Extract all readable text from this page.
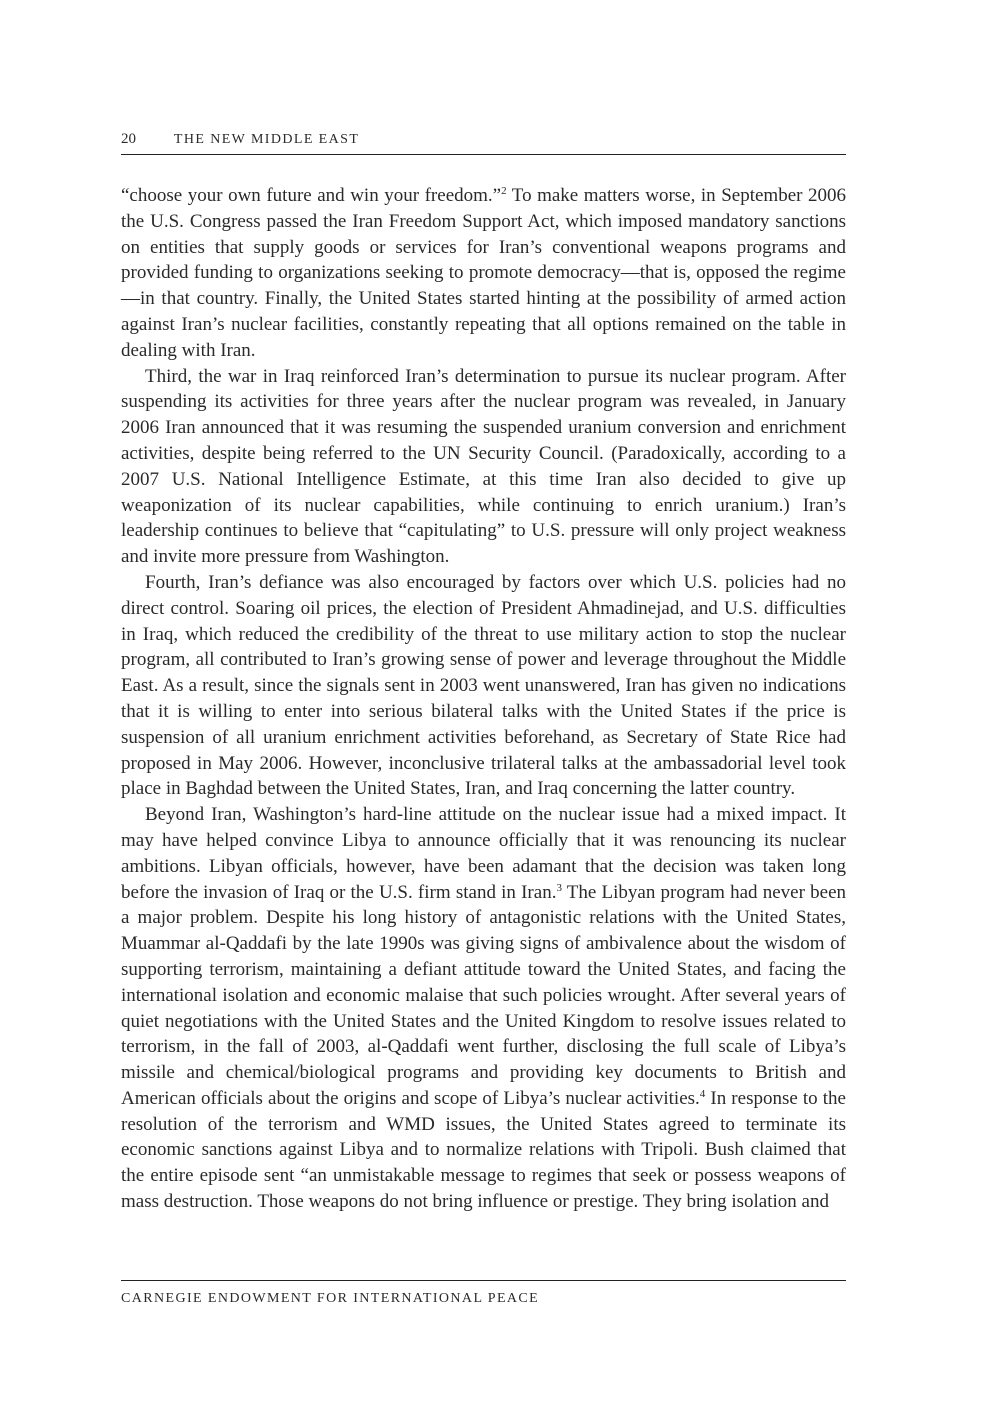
20	THE NEW MIDDLE EAST

“choose your own future and win your freedom.”$^2$ To make matters worse, in September 2006 the U.S. Congress passed the Iran Freedom Support Act, which imposed mandatory sanctions on entities that supply goods or services for Iran’s conventional weapons programs and provided funding to organizations seeking to promote democracy—that is, opposed the regime—in that country. Finally, the United States started hinting at the possibility of armed action against Iran’s nuclear facilities, constantly repeating that all options remained on the table in dealing with Iran.

Third, the war in Iraq reinforced Iran’s determination to pursue its nuclear program. After suspending its activities for three years after the nuclear program was revealed, in January 2006 Iran announced that it was resuming the suspended uranium conversion and enrichment activities, despite being referred to the UN Security Council. (Paradoxically, according to a 2007 U.S. National Intelligence Estimate, at this time Iran also decided to give up weaponization of its nuclear capabilities, while continuing to enrich uranium.) Iran’s leadership continues to believe that “capitulating” to U.S. pressure will only project weakness and invite more pressure from Washington.

Fourth, Iran’s defiance was also encouraged by factors over which U.S. policies had no direct control. Soaring oil prices, the election of President Ahmadinejad, and U.S. difficulties in Iraq, which reduced the credibility of the threat to use military action to stop the nuclear program, all contributed to Iran’s growing sense of power and leverage throughout the Middle East. As a result, since the signals sent in 2003 went unanswered, Iran has given no indications that it is willing to enter into serious bilateral talks with the United States if the price is suspension of all uranium enrichment activities beforehand, as Secretary of State Rice had proposed in May 2006. However, inconclusive trilateral talks at the ambassadorial level took place in Baghdad between the United States, Iran, and Iraq concerning the latter country.

Beyond Iran, Washington’s hard-line attitude on the nuclear issue had a mixed impact. It may have helped convince Libya to announce officially that it was renouncing its nuclear ambitions. Libyan officials, however, have been adamant that the decision was taken long before the invasion of Iraq or the U.S. firm stand in Iran.$^3$ The Libyan program had never been a major problem. Despite his long history of antagonistic relations with the United States, Muammar al-Qaddafi by the late 1990s was giving signs of ambivalence about the wisdom of supporting terrorism, maintaining a defiant attitude toward the United States, and facing the international isolation and economic malaise that such policies wrought. After several years of quiet negotiations with the United States and the United Kingdom to resolve issues related to terrorism, in the fall of 2003, al-Qaddafi went further, disclosing the full scale of Libya’s missile and chemical/biological programs and providing key documents to British and American officials about the origins and scope of Libya’s nuclear activities.$^4$ In response to the resolution of the terrorism and WMD issues, the United States agreed to terminate its economic sanctions against Libya and to normalize relations with Tripoli. Bush claimed that the entire episode sent “an unmistakable message to regimes that seek or possess weapons of mass destruction. Those weapons do not bring influence or prestige. They bring isolation and

CARNEGIE ENDOWMENT FOR INTERNATIONAL PEACE
